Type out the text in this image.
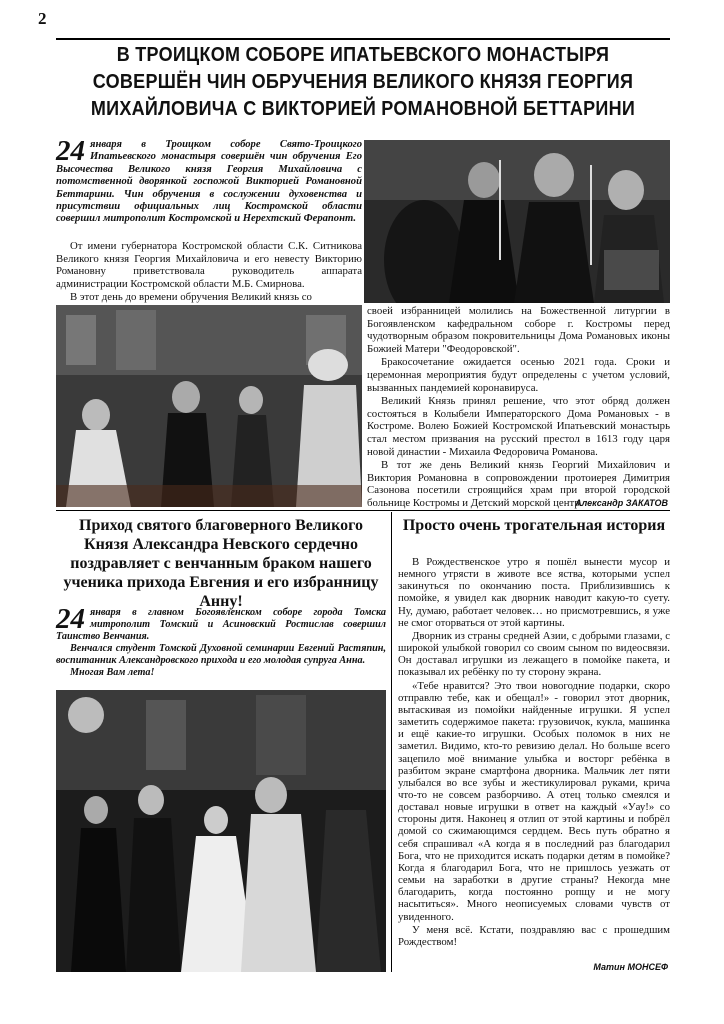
2
В ТРОИЦКОМ СОБОРЕ ИПАТЬЕВСКОГО МОНАСТЫРЯ СОВЕРШЁН ЧИН ОБРУЧЕНИЯ ВЕЛИКОГО КНЯЗЯ ГЕОРГИЯ МИХАЙЛОВИЧА С ВИКТОРИЕЙ РОМАНОВНОЙ БЕТТАРИНИ
24 января в Троицком соборе Свято-Троицкого Ипатьевского монастыря совершён чин обручения Его Высочества Великого князя Георгия Михайловича с потомственной дворянкой госпожой Викторией Романовной Беттарини. Чин обручения в сослужении духовенства и присутствии официальных лиц Костромской области совершил митрополит Костромской и Нерехтский Ферапонт.

От имени губернатора Костромской области С.К. Ситникова Великого князя Георгия Михайловича и его невесту Викторию Романовну приветствовала руководитель аппарата администрации Костромской области М.Б. Смирнова.

В этот день до времени обручения Великий князь со

своей избранницей молились на Божественной литургии в Богоявленском кафедральном соборе г. Костромы перед чудотворным образом покровительницы Дома Романовых иконы Божией Матери "Феодоровской".

Бракосочетание ожидается осенью 2021 года. Сроки и церемонная мероприятия будут определены с учетом условий, вызванных пандемией коронавируса.

Великий Князь принял решение, что этот обряд должен состояться в Колыбели Императорского Дома Романовых - в Костроме. Волею Божией Костромской Ипатьевский монастырь стал местом призвания на русский престол в 1613 году царя новой династии - Михаила Федоровича Романова.

В тот же день Великий князь Георгий Михайлович и Виктория Романовна в сопровождении протоиерея Димитрия Сазонова посетили строящийся храм при второй городской больнице Костромы и Детский морской центр.

Александр ЗАКАТОВ
Приход святого благоверного Великого Князя Александра Невского сердечно поздравляет с венчанным браком нашего ученика прихода Евгения и его избранницу Анну!
24 января в главном Богоявленском соборе города Томска митрополит Томский и Асиновский Ростислав совершил Таинство Венчания.
Венчался студент Томской Духовной семинарии Евгений Растяпин, воспитанник Александровского прихода и его молодая супруга Анна.
Многая Вам лета!
Просто очень трогательная история

В Рождественское утро я пошёл вынести мусор и немного утрясти в животе все яства, которыми успел закинуться по окончанию поста. Приблизившись к помойке, я увидел как дворник наводит какую-то суету. Ну, думаю, работает человек… но присмотревшись, я уже не смог оторваться от этой картины.

Дворник из страны средней Азии, с добрыми глазами, с широкой улыбкой говорил со своим сыном по видеосвязи. Он доставал игрушки из лежащего в помойке пакета, и показывал их ребёнку по ту сторону экрана.

«Тебе нравится? Это твои новогодние подарки, скоро отправлю тебе, как и обещал!» - говорил этот дворник, вытаскивая из помойки найденные игрушки. Я успел заметить содержимое пакета: грузовичок, кукла, машинка и ещё какие-то игрушки. Особых поломок в них не заметил. Видимо, кто-то ревизию делал. Но больше всего зацепило моё внимание улыбка и восторг ребёнка в разбитом экране смартфона дворника. Мальчик лет пяти улыбался во все зубы и жестикулировал руками, крича что-то не совсем разборчиво. А отец только смеялся и доставал новые игрушки в ответ на каждый «Уау!» со стороны дитя. Наконец я отлип от этой картины и побрёл домой со сжимающимся сердцем. Весь путь обратно я себя спрашивал «А когда я в последний раз благодарил Бога, что не приходится искать подарки детям в помойке? Когда я благодарил Бога, что не пришлось уезжать от семьи на заработки в другие страны? Некогда мне благодарить, когда постоянно ропщу и не могу насытиться». Много неописуемых словами чувств от увиденного.

У меня всё. Кстати, поздравляю вас с прошедшим Рождеством!

Матин МОНСЕФ
